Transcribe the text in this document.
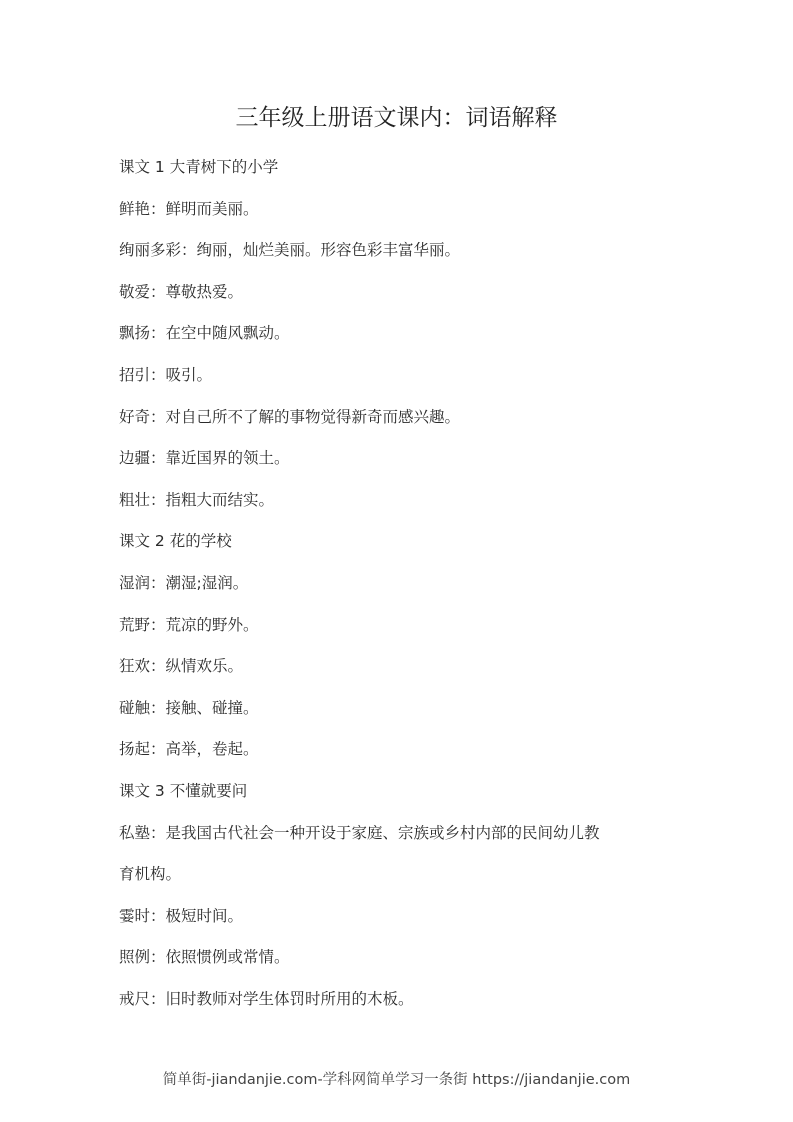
三年级上册语文课内：词语解释
课文 1 大青树下的小学
鲜艳：鲜明而美丽。
绚丽多彩：绚丽，灿烂美丽。形容色彩丰富华丽。
敬爱：尊敬热爱。
飘扬：在空中随风飘动。
招引：吸引。
好奇：对自己所不了解的事物觉得新奇而感兴趣。
边疆：靠近国界的领土。
粗壮：指粗大而结实。
课文 2 花的学校
湿润：潮湿;湿润。
荒野：荒凉的野外。
狂欢：纵情欢乐。
碰触：接触、碰撞。
扬起：高举，卷起。
课文 3 不懂就要问
私塾：是我国古代社会一种开设于家庭、宗族或乡村内部的民间幼儿教
育机构。
霎时：极短时间。
照例：依照惯例或常情。
戒尺：旧时教师对学生体罚时所用的木板。
简单街-jiandanjie.com-学科网简单学习一条街 https://jiandanjie.com
